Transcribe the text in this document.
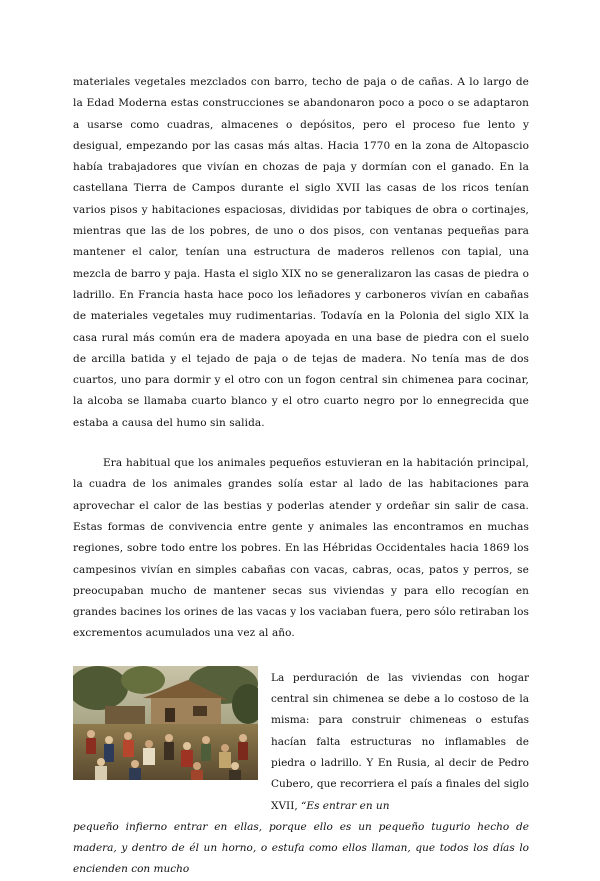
materiales vegetales mezclados con barro, techo de paja o de cañas. A lo largo de la Edad Moderna estas construcciones se abandonaron poco a poco o se adaptaron a usarse como cuadras, almacenes o depósitos, pero el proceso fue lento y desigual, empezando por las casas más altas. Hacia 1770 en la zona de Altopascio había trabajadores que vivían en chozas de paja y dormían con el ganado. En la castellana Tierra de Campos durante el siglo XVII las casas de los ricos tenían varios pisos y habitaciones espaciosas, divididas por tabiques de obra o cortinajes, mientras que las de los pobres, de uno o dos pisos, con ventanas pequeñas para mantener el calor, tenían una estructura de maderos rellenos con tapial, una mezcla de barro y paja. Hasta el siglo XIX no se generalizaron las casas de piedra o ladrillo. En Francia hasta hace poco los leñadores y carboneros vivían en cabañas de materiales vegetales muy rudimentarias. Todavía en la Polonia del siglo XIX la casa rural más común era de madera apoyada en una base de piedra con el suelo de arcilla batida y el tejado de paja o de tejas de madera. No tenía mas de dos cuartos, uno para dormir y el otro con un fogon central sin chimenea para cocinar, la alcoba se llamaba cuarto blanco y el otro cuarto negro por lo ennegrecida que estaba a causa del humo sin salida.

Era habitual que los animales pequeños estuvieran en la habitación principal, la cuadra de los animales grandes solía estar al lado de las habitaciones para aprovechar el calor de las bestias y poderlas atender y ordeñar sin salir de casa. Estas formas de convivencia entre gente y animales las encontramos en muchas regiones, sobre todo entre los pobres. En las Hébridas Occidentales hacia 1869 los campesinos vivían en simples cabañas con vacas, cabras, ocas, patos y perros, se preocupaban mucho de mantener secas sus viviendas y para ello recogían en grandes bacines los orines de las vacas y los vaciaban fuera, pero sólo retiraban los excrementos acumulados una vez al año.

La perduración de las viviendas con hogar central sin chimenea se debe a lo costoso de la misma: para construir chimeneas o estufas hacían falta estructuras no inflamables de piedra o ladrillo. Y En Rusia, al decir de Pedro Cubero, que recorriera el país a finales del siglo XVII, “Es entrar en un

pequeño infierno entrar en ellas, porque ello es un pequeño tugurio hecho de madera, y dentro de él un horno, o estufa como ellos llaman, que todos los días lo encienden con mucho
